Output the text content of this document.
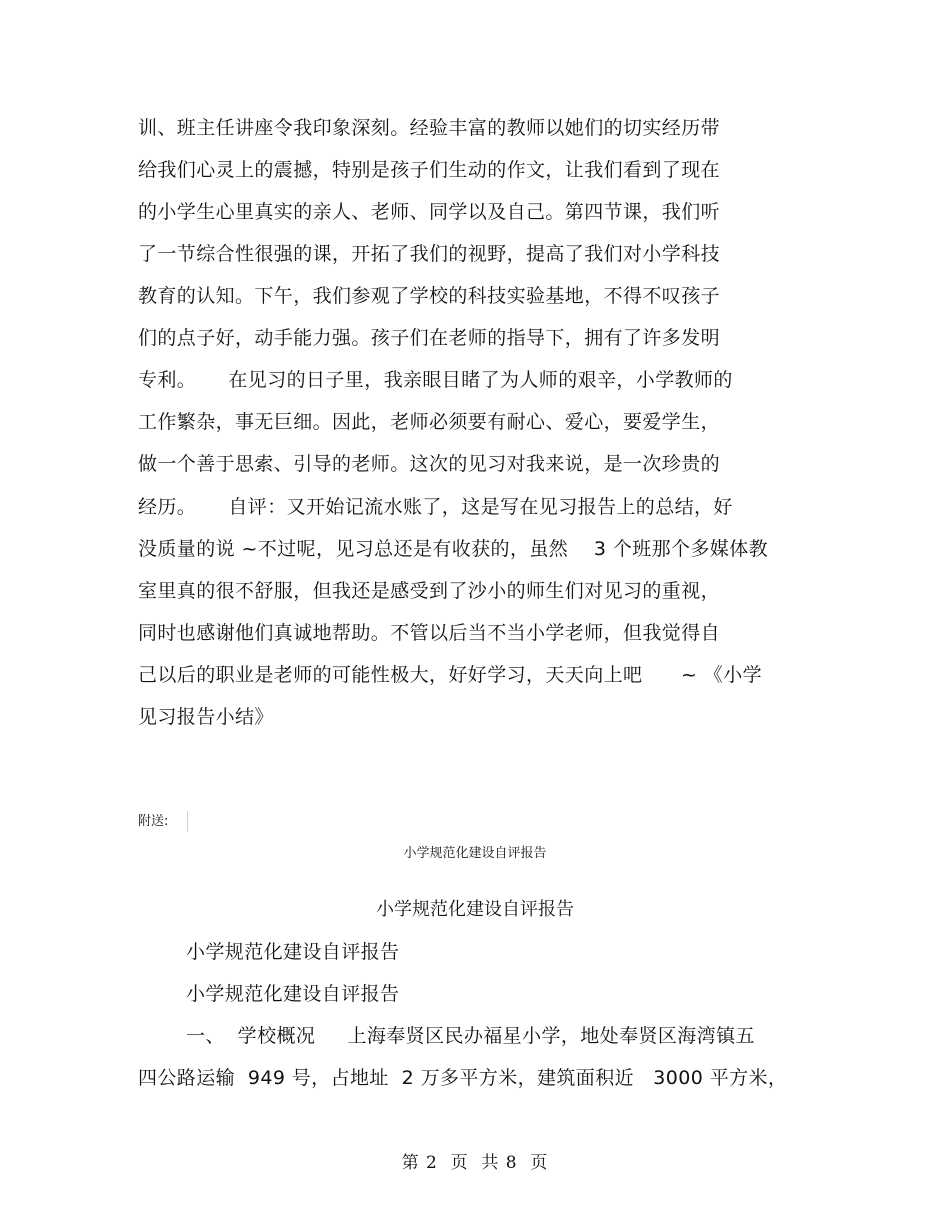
训、班主任讲座令我印象深刻。经验丰富的教师以她们的切实经历带
给我们心灵上的震撼，特别是孩子们生动的作文，让我们看到了现在
的小学生心里真实的亲人、老师、同学以及自己。第四节课，我们听
了一节综合性很强的课，开拓了我们的视野，提高了我们对小学科技
教育的认知。下午，我们参观了学校的科技实验基地，不得不叹孩子
们的点子好，动手能力强。孩子们在老师的指导下，拥有了许多发明
专利。     在见习的日子里，我亲眼目睹了为人师的艰辛，小学教师的
工作繁杂，事无巨细。因此，老师必须要有耐心、爱心，要爱学生，
做一个善于思索、引导的老师。这次的见习对我来说，是一次珍贵的
经历。     自评：又开始记流水账了，这是写在见习报告上的总结，好
没质量的说 ~不过呢，见习总还是有收获的，虽然    3 个班那个多媒体教
室里真的很不舒服，但我还是感受到了沙小的师生们对见习的重视，
同时也感谢他们真诚地帮助。不管以后当不当小学老师，但我觉得自
己以后的职业是老师的可能性极大，好好学习，天天向上吧      ~ 《小学
见习报告小结》
附送:
小学规范化建设自评报告
小学规范化建设自评报告
小学规范化建设自评报告
小学规范化建设自评报告
一、  学校概况     上海奉贤区民办福星小学，地处奉贤区海湾镇五
四公路运输  949 号，占地址  2 万多平方米，建筑面积近   3000 平方米，
第 2  页  共 8  页
